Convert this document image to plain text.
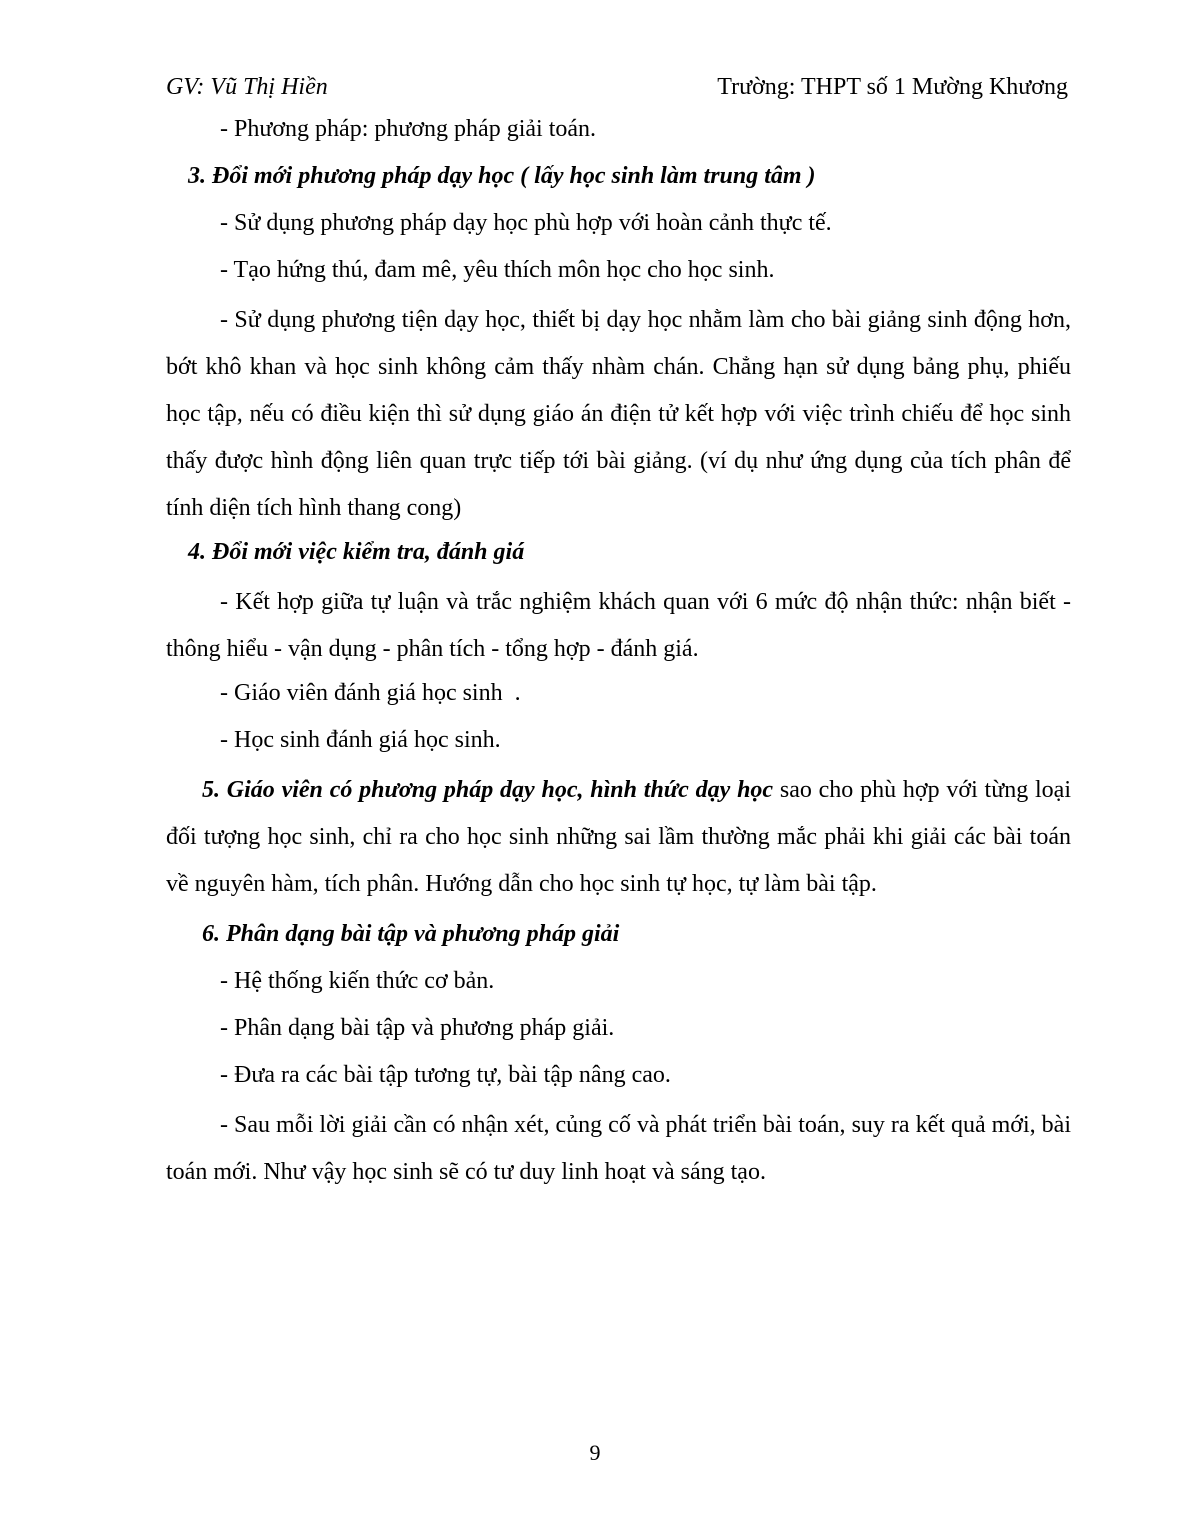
GV: Vũ Thị Hiền	Trường: THPT số 1 Mường Khương
- Phương pháp: phương pháp giải toán.
3. Đổi mới phương pháp dạy học ( lấy học sinh làm trung tâm )
- Sử dụng phương pháp dạy học phù hợp với hoàn cảnh thực tế.
- Tạo hứng thú, đam mê, yêu thích môn học cho học sinh.
- Sử dụng phương tiện dạy học, thiết bị dạy học nhằm làm cho bài giảng sinh động hơn, bớt khô khan và học sinh không cảm thấy nhàm chán. Chẳng hạn sử dụng bảng phụ, phiếu học tập, nếu có điều kiện thì sử dụng giáo án điện tử kết hợp với việc trình chiếu để học sinh thấy được hình động liên quan trực tiếp tới bài giảng. (ví dụ như ứng dụng của tích phân để tính diện tích hình thang cong)
4. Đổi mới việc kiểm tra, đánh giá
- Kết hợp giữa tự luận và trắc nghiệm khách quan với 6 mức độ nhận thức: nhận biết - thông hiểu - vận dụng - phân tích - tổng hợp - đánh giá.
- Giáo viên đánh giá học sinh  .
- Học sinh đánh giá học sinh.
5. Giáo viên có phương pháp dạy học, hình thức dạy học sao cho phù hợp với từng loại đối tượng học sinh, chỉ ra cho học sinh những sai lầm thường mắc phải khi giải các bài toán về nguyên hàm, tích phân. Hướng dẫn cho học sinh tự học, tự làm bài tập.
6. Phân dạng bài tập và phương pháp giải
- Hệ thống kiến thức cơ bản.
- Phân dạng bài tập và phương pháp giải.
- Đưa ra các bài tập tương tự, bài tập nâng cao.
- Sau mỗi lời giải cần có nhận xét, củng cố và phát triển bài toán, suy ra kết quả mới, bài toán mới. Như vậy học sinh sẽ có tư duy linh hoạt và sáng tạo.
9
